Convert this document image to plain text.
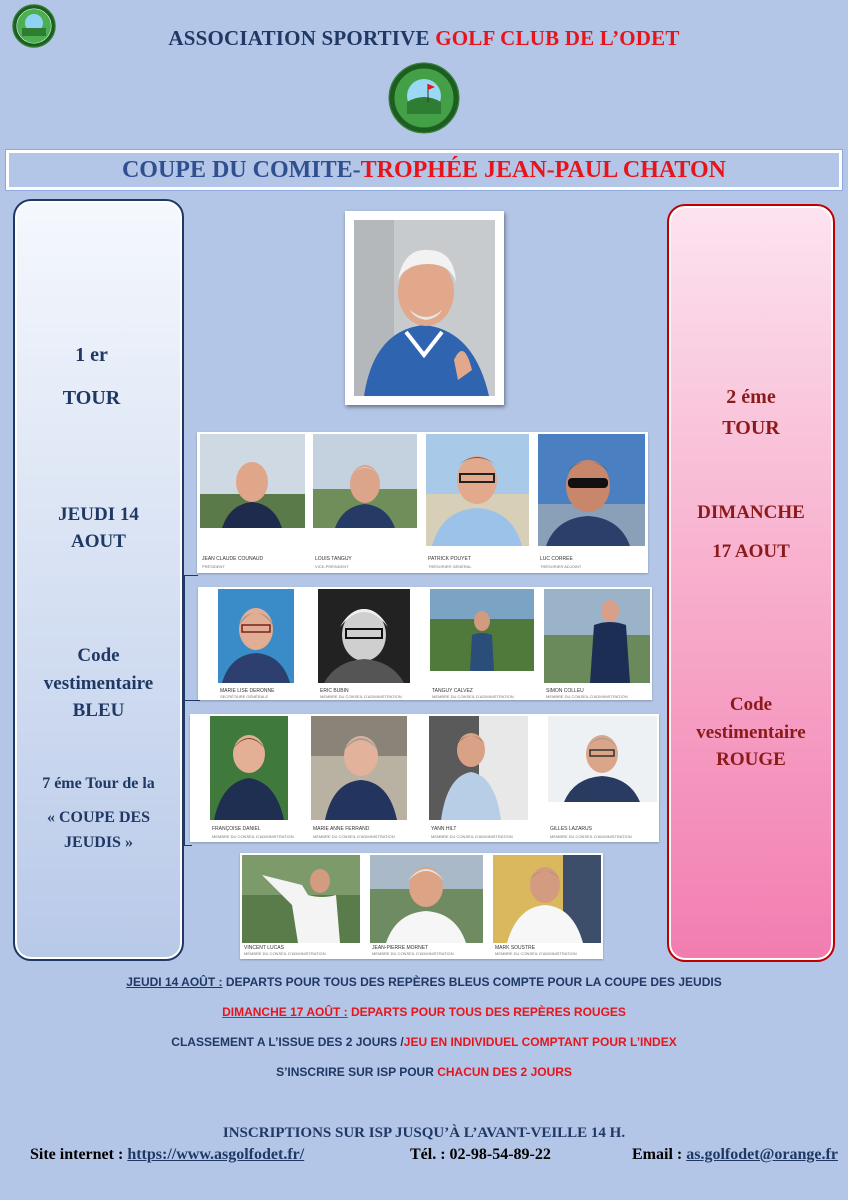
ASSOCIATION SPORTIVE GOLF CLUB DE L’ODET
COUPE DU COMITE-TROPHÉE JEAN-PAUL CHATON
1 er
TOUR
JEUDI 14
AOUT
Code
vestimentaire
BLEU
7 éme Tour de la
« COUPE DES
JEUDIS »
2 éme
TOUR
DIMANCHE
17 AOUT
Code
vestimentaire
ROUGE
JEAN CLAUDE COUNAUD
PRÉSIDENT
LOUIS TANGUY
VICE-PRÉSIDENT
PATRICK POUYET
TRÉSORIER GÉNÉRAL
LUC CORRÉE
TRÉSORIER ADJOINT
MARIE LISE DERONNE
SECRÉTAIRE GÉNÉRALE
ERIC BUBIN
MEMBRE DU CONSEIL D'ADMINISTRATION
TANGUY CALVEZ
MEMBRE DU CONSEIL D'ADMINISTRATION
SIMON COLLEU
MEMBRE DU CONSEIL D'ADMINISTRATION
FRANÇOISE DANIEL
MEMBRE DU CONSEIL D'ADMINISTRATION
MARIE ANNE FERRAND
MEMBRE DU CONSEIL D'ADMINISTRATION
YANN HILT
MEMBRE DU CONSEIL D'ADMINISTRATION
GILLES LAZARUS
MEMBRE DU CONSEIL D'ADMINISTRATION
VINCENT LUCAS
MEMBRE DU CONSEIL D'ADMINISTRATION
JEAN-PIERRE MORNET
MEMBRE DU CONSEIL D'ADMINISTRATION
MARK SOUSTRE
MEMBRE DU CONSEIL D'ADMINISTRATION
JEUDI 14 AOÛT : DEPARTS POUR TOUS DES REPÈRES BLEUS COMPTE POUR LA COUPE DES JEUDIS
DIMANCHE 17 AOÛT : DEPARTS POUR TOUS DES REPÈRES ROUGES
CLASSEMENT A L’ISSUE DES 2 JOURS /JEU EN INDIVIDUEL COMPTANT POUR L’INDEX
S’INSCRIRE SUR ISP POUR CHACUN DES 2 JOURS
INSCRIPTIONS SUR ISP JUSQU’À L’AVANT-VEILLE 14 H.
Site internet : https://www.asgolfodet.fr/	Tél. : 02-98-54-89-22	Email : as.golfodet@orange.fr
